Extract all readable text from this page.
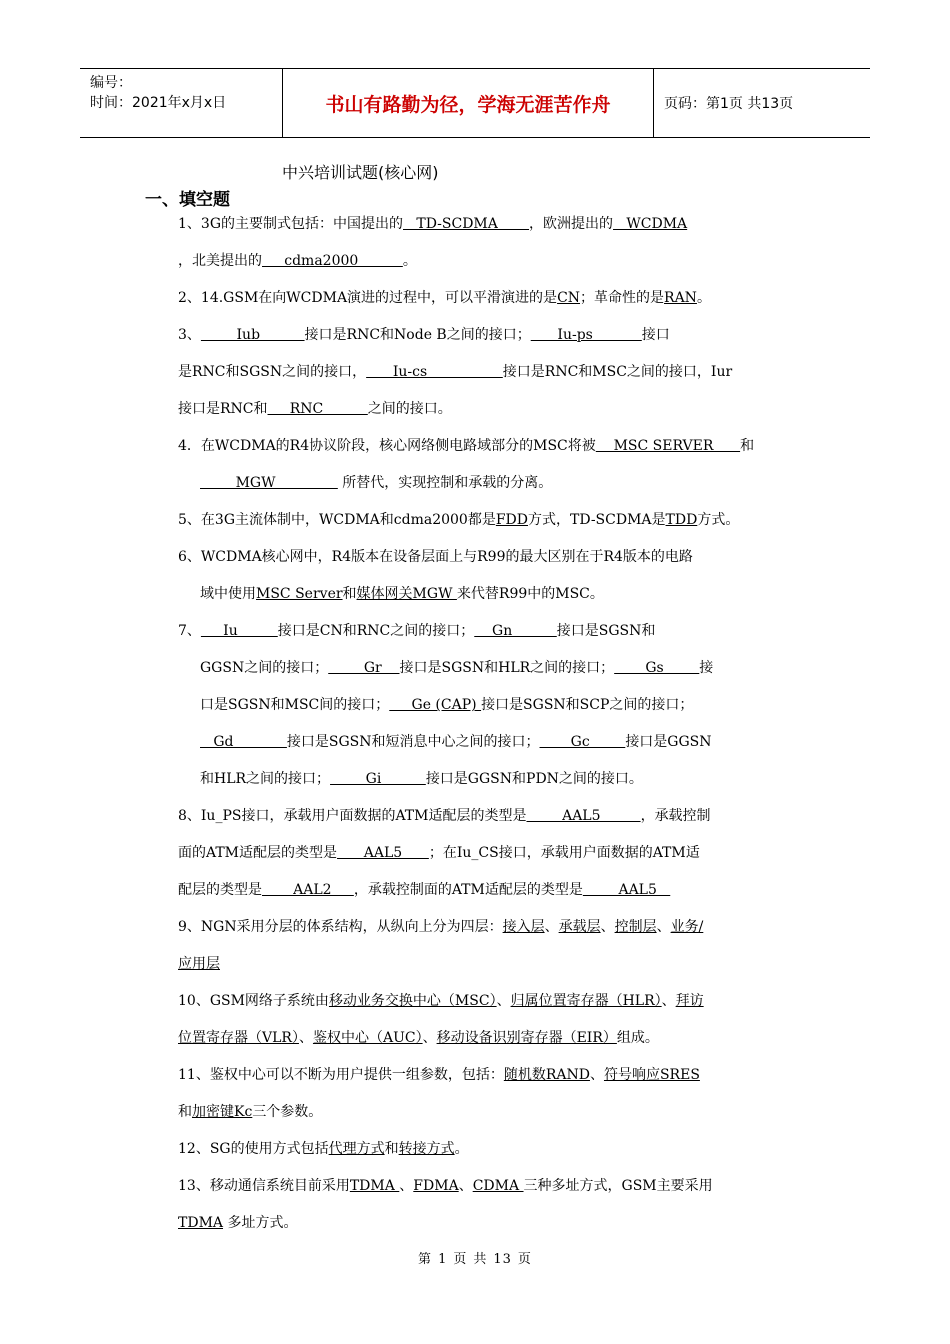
编号：
时间：2021年x月x日	书山有路勤为径，学海无涯苦作舟	页码：第1页 共13页
中兴培训试题(核心网)
一、填空题
1、3G的主要制式包括：中国提出的   TD-SCDMA       ，欧洲提出的   WCDMA
，北美提出的     cdma2000          。
2、14.GSM在向WCDMA演进的过程中，可以平滑演进的是CN；革命性的是RAN。
3、        Iub          接口是RNC和Node B之间的接口；      Iu-ps           接口
是RNC和SGSN之间的接口，      Iu-cs                 接口是RNC和MSC之间的接口，Iur
接口是RNC和     RNC          之间的接口。
4．在WCDMA的R4协议阶段，核心网络侧电路域部分的MSC将被    MSC SERVER      和
MGW               所替代，实现控制和承载的分离。
5、在3G主流体制中，WCDMA和cdma2000都是FDD方式，TD-SCDMA是TDD方式。
6、WCDMA核心网中，R4版本在设备层面上与R99的最大区别在于R4版本的电路
域中使用MSC Server和媒体网关MGW 来代替R99中的MSC。
7、     Iu         接口是CN和RNC之间的接口；    Gn          接口是SGSN和
GGSN之间的接口；        Gr    接口是SGSN和HLR之间的接口；       Gs        接
口是SGSN和MSC间的接口；     Ge (CAP) 接口是SGSN和SCP之间的接口；
Gd            接口是SGSN和短消息中心之间的接口；       Gc        接口是GGSN
和HLR之间的接口；        Gi          接口是GGSN和PDN之间的接口。
8、Iu_PS接口，承载用户面数据的ATM适配层的类型是        AAL5         ，承载控制
面的ATM适配层的类型是      AAL5      ；在Iu_CS接口，承载用户面数据的ATM适
配层的类型是       AAL2     ，承载控制面的ATM适配层的类型是        AAL5
9、NGN采用分层的体系结构，从纵向上分为四层：接入层、承载层、控制层、业务/
应用层
10、GSM网络子系统由移动业务交换中心（MSC）、归属位置寄存器（HLR）、拜访
位置寄存器（VLR）、鉴权中心（AUC）、移动设备识别寄存器（EIR）组成。
11、鉴权中心可以不断为用户提供一组参数，包括：随机数RAND、符号响应SRES
和加密键Kc三个参数。
12、SG的使用方式包括代理方式和转接方式。
13、移动通信系统目前采用TDMA 、FDMA、CDMA 三种多址方式，GSM主要采用
TDMA 多址方式。
第 1 页 共 13 页
